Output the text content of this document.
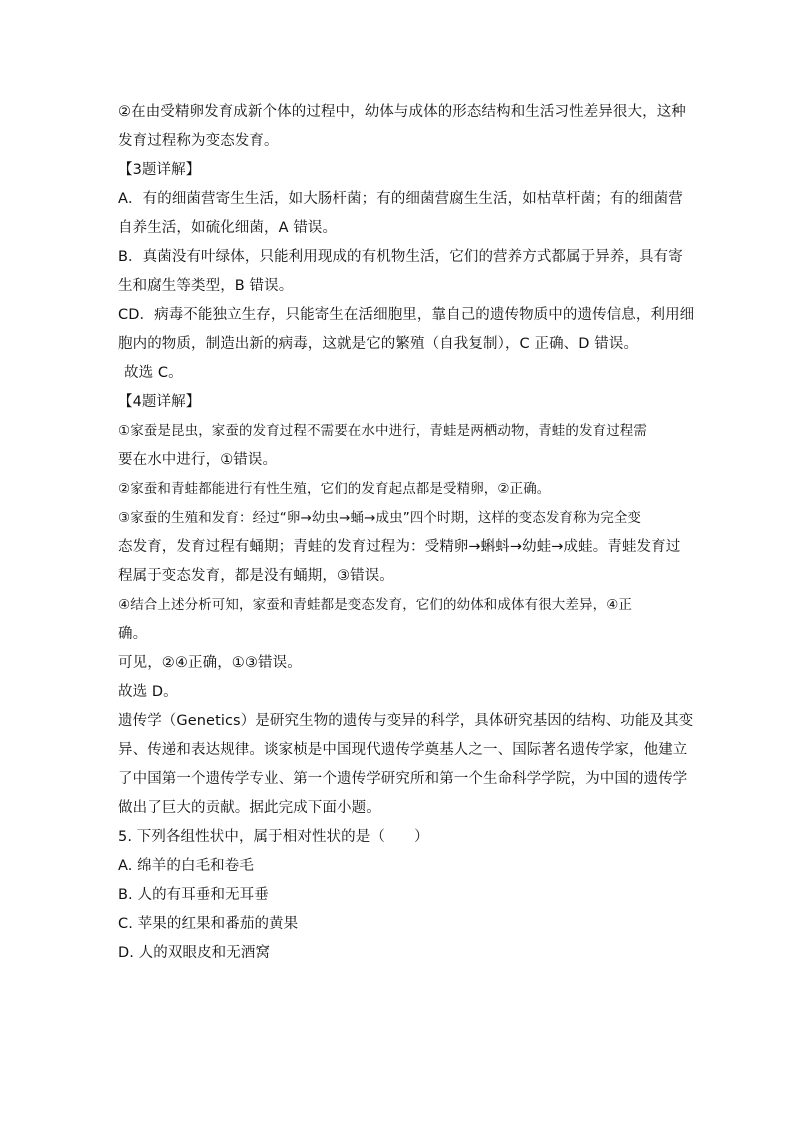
②在由受精卵发育成新个体的过程中，幼体与成体的形态结构和生活习性差异很大，这种
发育过程称为变态发育。
【3题详解】
A．有的细菌营寄生生活，如大肠杆菌；有的细菌营腐生生活，如枯草杆菌；有的细菌营
自养生活，如硫化细菌，A 错误。
B．真菌没有叶绿体，只能利用现成的有机物生活，它们的营养方式都属于异养，具有寄
生和腐生等类型，B 错误。
CD．病毒不能独立生存，只能寄生在活细胞里，靠自己的遗传物质中的遗传信息，利用细
胞内的物质，制造出新的病毒，这就是它的繁殖（自我复制），C 正确、D 错误。
故选 C。
【4题详解】
①家蚕是昆虫，家蚕的发育过程不需要在水中进行，青蛙是两栖动物，青蛙的发育过程需
要在水中进行，①错误。
②家蚕和青蛙都能进行有性生殖，它们的发育起点都是受精卵，②正确。
③家蚕的生殖和发育：经过“卵→幼虫→蛹→成虫”四个时期，这样的变态发育称为完全变
态发育，发育过程有蛹期；青蛙的发育过程为：受精卵→蝌蚪→幼蛙→成蛙。青蛙发育过
程属于变态发育，都是没有蛹期，③错误。
④结合上述分析可知，家蚕和青蛙都是变态发育，它们的幼体和成体有很大差异，④正
确。
可见，②④正确，①③错误。
故选 D。
遗传学（Genetics）是研究生物的遗传与变异的科学，具体研究基因的结构、功能及其变
异、传递和表达规律。谈家桢是中国现代遗传学奠基人之一、国际著名遗传学家，他建立
了中国第一个遗传学专业、第一个遗传学研究所和第一个生命科学学院，为中国的遗传学
做出了巨大的贡献。据此完成下面小题。
5. 下列各组性状中，属于相对性状的是（　　）
A. 绵羊的白毛和卷毛
B. 人的有耳垂和无耳垂
C. 苹果的红果和番茄的黄果
D. 人的双眼皮和无酒窝
